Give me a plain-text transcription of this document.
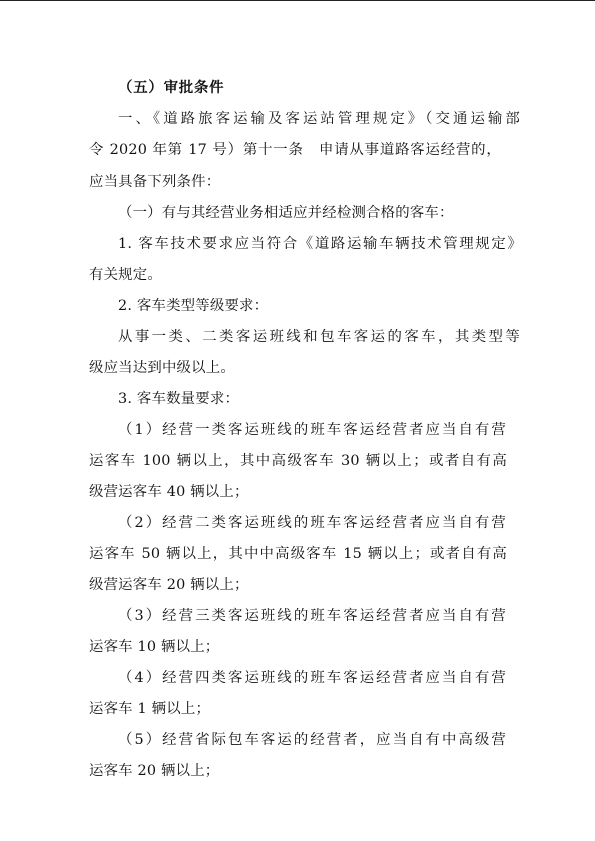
（五）审批条件
一、《道路旅客运输及客运站管理规定》（交通运输部
令 2020 年第 17 号）第十一条　申请从事道路客运经营的，
应当具备下列条件：
（一）有与其经营业务相适应并经检测合格的客车：
1. 客车技术要求应当符合《道路运输车辆技术管理规定》
有关规定。
2. 客车类型等级要求：
从事一类、二类客运班线和包车客运的客车，其类型等
级应当达到中级以上。
3. 客车数量要求：
（1）经营一类客运班线的班车客运经营者应当自有营
运客车 100 辆以上，其中高级客车 30 辆以上；或者自有高
级营运客车 40 辆以上；
（2）经营二类客运班线的班车客运经营者应当自有营
运客车 50 辆以上，其中中高级客车 15 辆以上；或者自有高
级营运客车 20 辆以上；
（3）经营三类客运班线的班车客运经营者应当自有营
运客车 10 辆以上；
（4）经营四类客运班线的班车客运经营者应当自有营
运客车 1 辆以上；
（5）经营省际包车客运的经营者，应当自有中高级营
运客车 20 辆以上；
